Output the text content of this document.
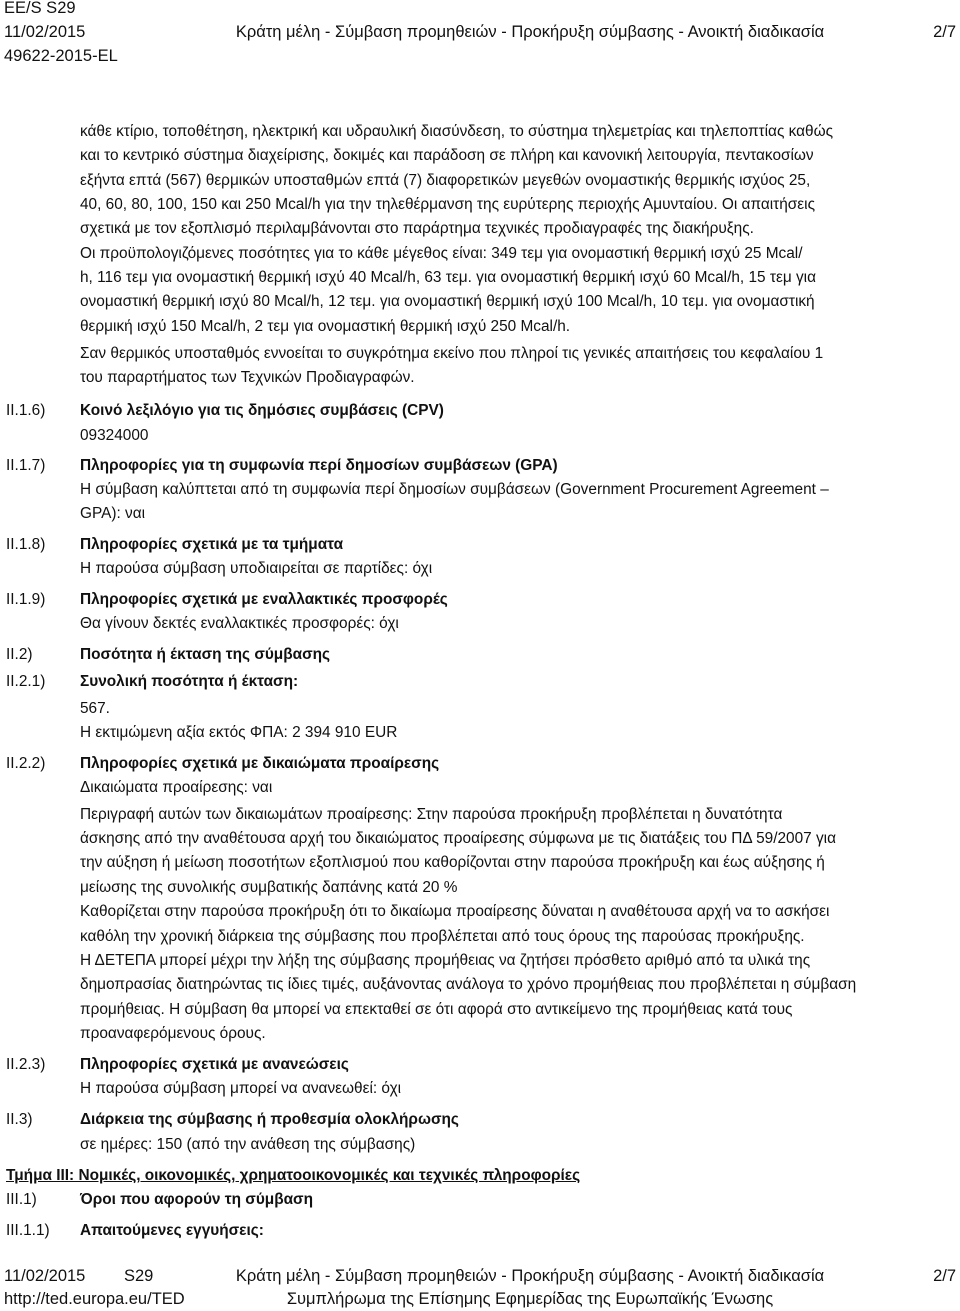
EE/S S29
11/02/2015
49622-2015-EL
Κράτη μέλη - Σύμβαση προμηθειών - Προκήρυξη σύμβασης - Ανοικτή διαδικασία	2/7
κάθε κτίριο, τοποθέτηση, ηλεκτρική και υδραυλική διασύνδεση, το σύστημα τηλεμετρίας και τηλεποπτίας καθώς
και το κεντρικό σύστημα διαχείρισης, δοκιμές και παράδοση σε πλήρη και κανονική λειτουργία, πεντακοσίων
εξήντα επτά (567) θερμικών υποσταθμών επτά (7) διαφορετικών μεγεθών ονομαστικής θερμικής ισχύος 25,
40, 60, 80, 100, 150 και 250 Mcal/h για την τηλεθέρμανση της ευρύτερης περιοχής Αμυνταίου. Οι απαιτήσεις
σχετικά με τον εξοπλισμό περιλαμβάνονται στο παράρτημα τεχνικές προδιαγραφές της διακήρυξης.
Οι προϋπολογιζόμενες ποσότητες για το κάθε μέγεθος είναι: 349 τεμ για ονομαστική θερμική ισχύ 25 Mcal/
h, 116 τεμ για ονομαστική θερμική ισχύ 40 Mcal/h, 63 τεμ. για ονομαστική θερμική ισχύ 60 Mcal/h, 15 τεμ για
ονομαστική θερμική ισχύ 80 Mcal/h, 12 τεμ. για ονομαστική θερμική ισχύ 100 Mcal/h, 10 τεμ. για ονομαστική
θερμική ισχύ 150 Mcal/h, 2 τεμ για ονομαστική θερμική ισχύ 250 Mcal/h.
Σαν θερμικός υποσταθμός εννοείται το συγκρότημα εκείνο που πληροί τις γενικές απαιτήσεις του κεφαλαίου 1
του παραρτήματος των Τεχνικών Προδιαγραφών.
II.1.6) Κοινό λεξιλόγιο για τις δημόσιες συμβάσεις (CPV)
09324000
II.1.7) Πληροφορίες για τη συμφωνία περί δημοσίων συμβάσεων (GPA)
Η σύμβαση καλύπτεται από τη συμφωνία περί δημοσίων συμβάσεων (Government Procurement Agreement –
GPA): ναι
II.1.8) Πληροφορίες σχετικά με τα τμήματα
Η παρούσα σύμβαση υποδιαιρείται σε παρτίδες: όχι
II.1.9) Πληροφορίες σχετικά με εναλλακτικές προσφορές
Θα γίνουν δεκτές εναλλακτικές προσφορές: όχι
II.2)	Ποσότητα ή έκταση της σύμβασης
II.2.1) Συνολική ποσότητα ή έκταση:
567.
Η εκτιμώμενη αξία εκτός ΦΠΑ: 2 394 910 EUR
II.2.2) Πληροφορίες σχετικά με δικαιώματα προαίρεσης
Δικαιώματα προαίρεσης: ναι
Περιγραφή αυτών των δικαιωμάτων προαίρεσης: Στην παρούσα προκήρυξη προβλέπεται η δυνατότητα
άσκησης από την αναθέτουσα αρχή του δικαιώματος προαίρεσης σύμφωνα με τις διατάξεις του ΠΔ 59/2007 για
την αύξηση ή μείωση ποσοτήτων εξοπλισμού που καθορίζονται στην παρούσα προκήρυξη και έως αύξησης ή
μείωσης της συνολικής συμβατικής δαπάνης κατά 20 %
Καθορίζεται στην παρούσα προκήρυξη ότι το δικαίωμα προαίρεσης δύναται η αναθέτουσα αρχή να το ασκήσει
καθόλη την χρονική διάρκεια της σύμβασης που προβλέπεται από τους όρους της παρούσας προκήρυξης.
Η ΔΕΤΕΠΑ μπορεί μέχρι την λήξη της σύμβασης προμήθειας να ζητήσει πρόσθετο αριθμό από τα υλικά της
δημοπρασίας διατηρώντας τις ίδιες τιμές, αυξάνοντας ανάλογα το χρόνο προμήθειας που προβλέπεται η σύμβαση
προμήθειας. Η σύμβαση θα μπορεί να επεκταθεί σε ότι αφορά στο αντικείμενο της προμήθειας κατά τους
προαναφερόμενους όρους.
II.2.3) Πληροφορίες σχετικά με ανανεώσεις
Η παρούσα σύμβαση μπορεί να ανανεωθεί: όχι
II.3)	Διάρκεια της σύμβασης ή προθεσμία ολοκλήρωσης
σε ημέρες: 150 (από την ανάθεση της σύμβασης)
Τμήμα III: Νομικές, οικονομικές, χρηματοοικονομικές και τεχνικές πληροφορίες
III.1)	Όροι που αφορούν τη σύμβαση
III.1.1) Απαιτούμενες εγγυήσεις:
11/02/2015 S29	Κράτη μέλη - Σύμβαση προμηθειών - Προκήρυξη σύμβασης - Ανοικτή διαδικασία	2/7
http://ted.europa.eu/TED	Συμπλήρωμα της Επίσημης Εφημερίδας της Ευρωπαϊκής Ένωσης
